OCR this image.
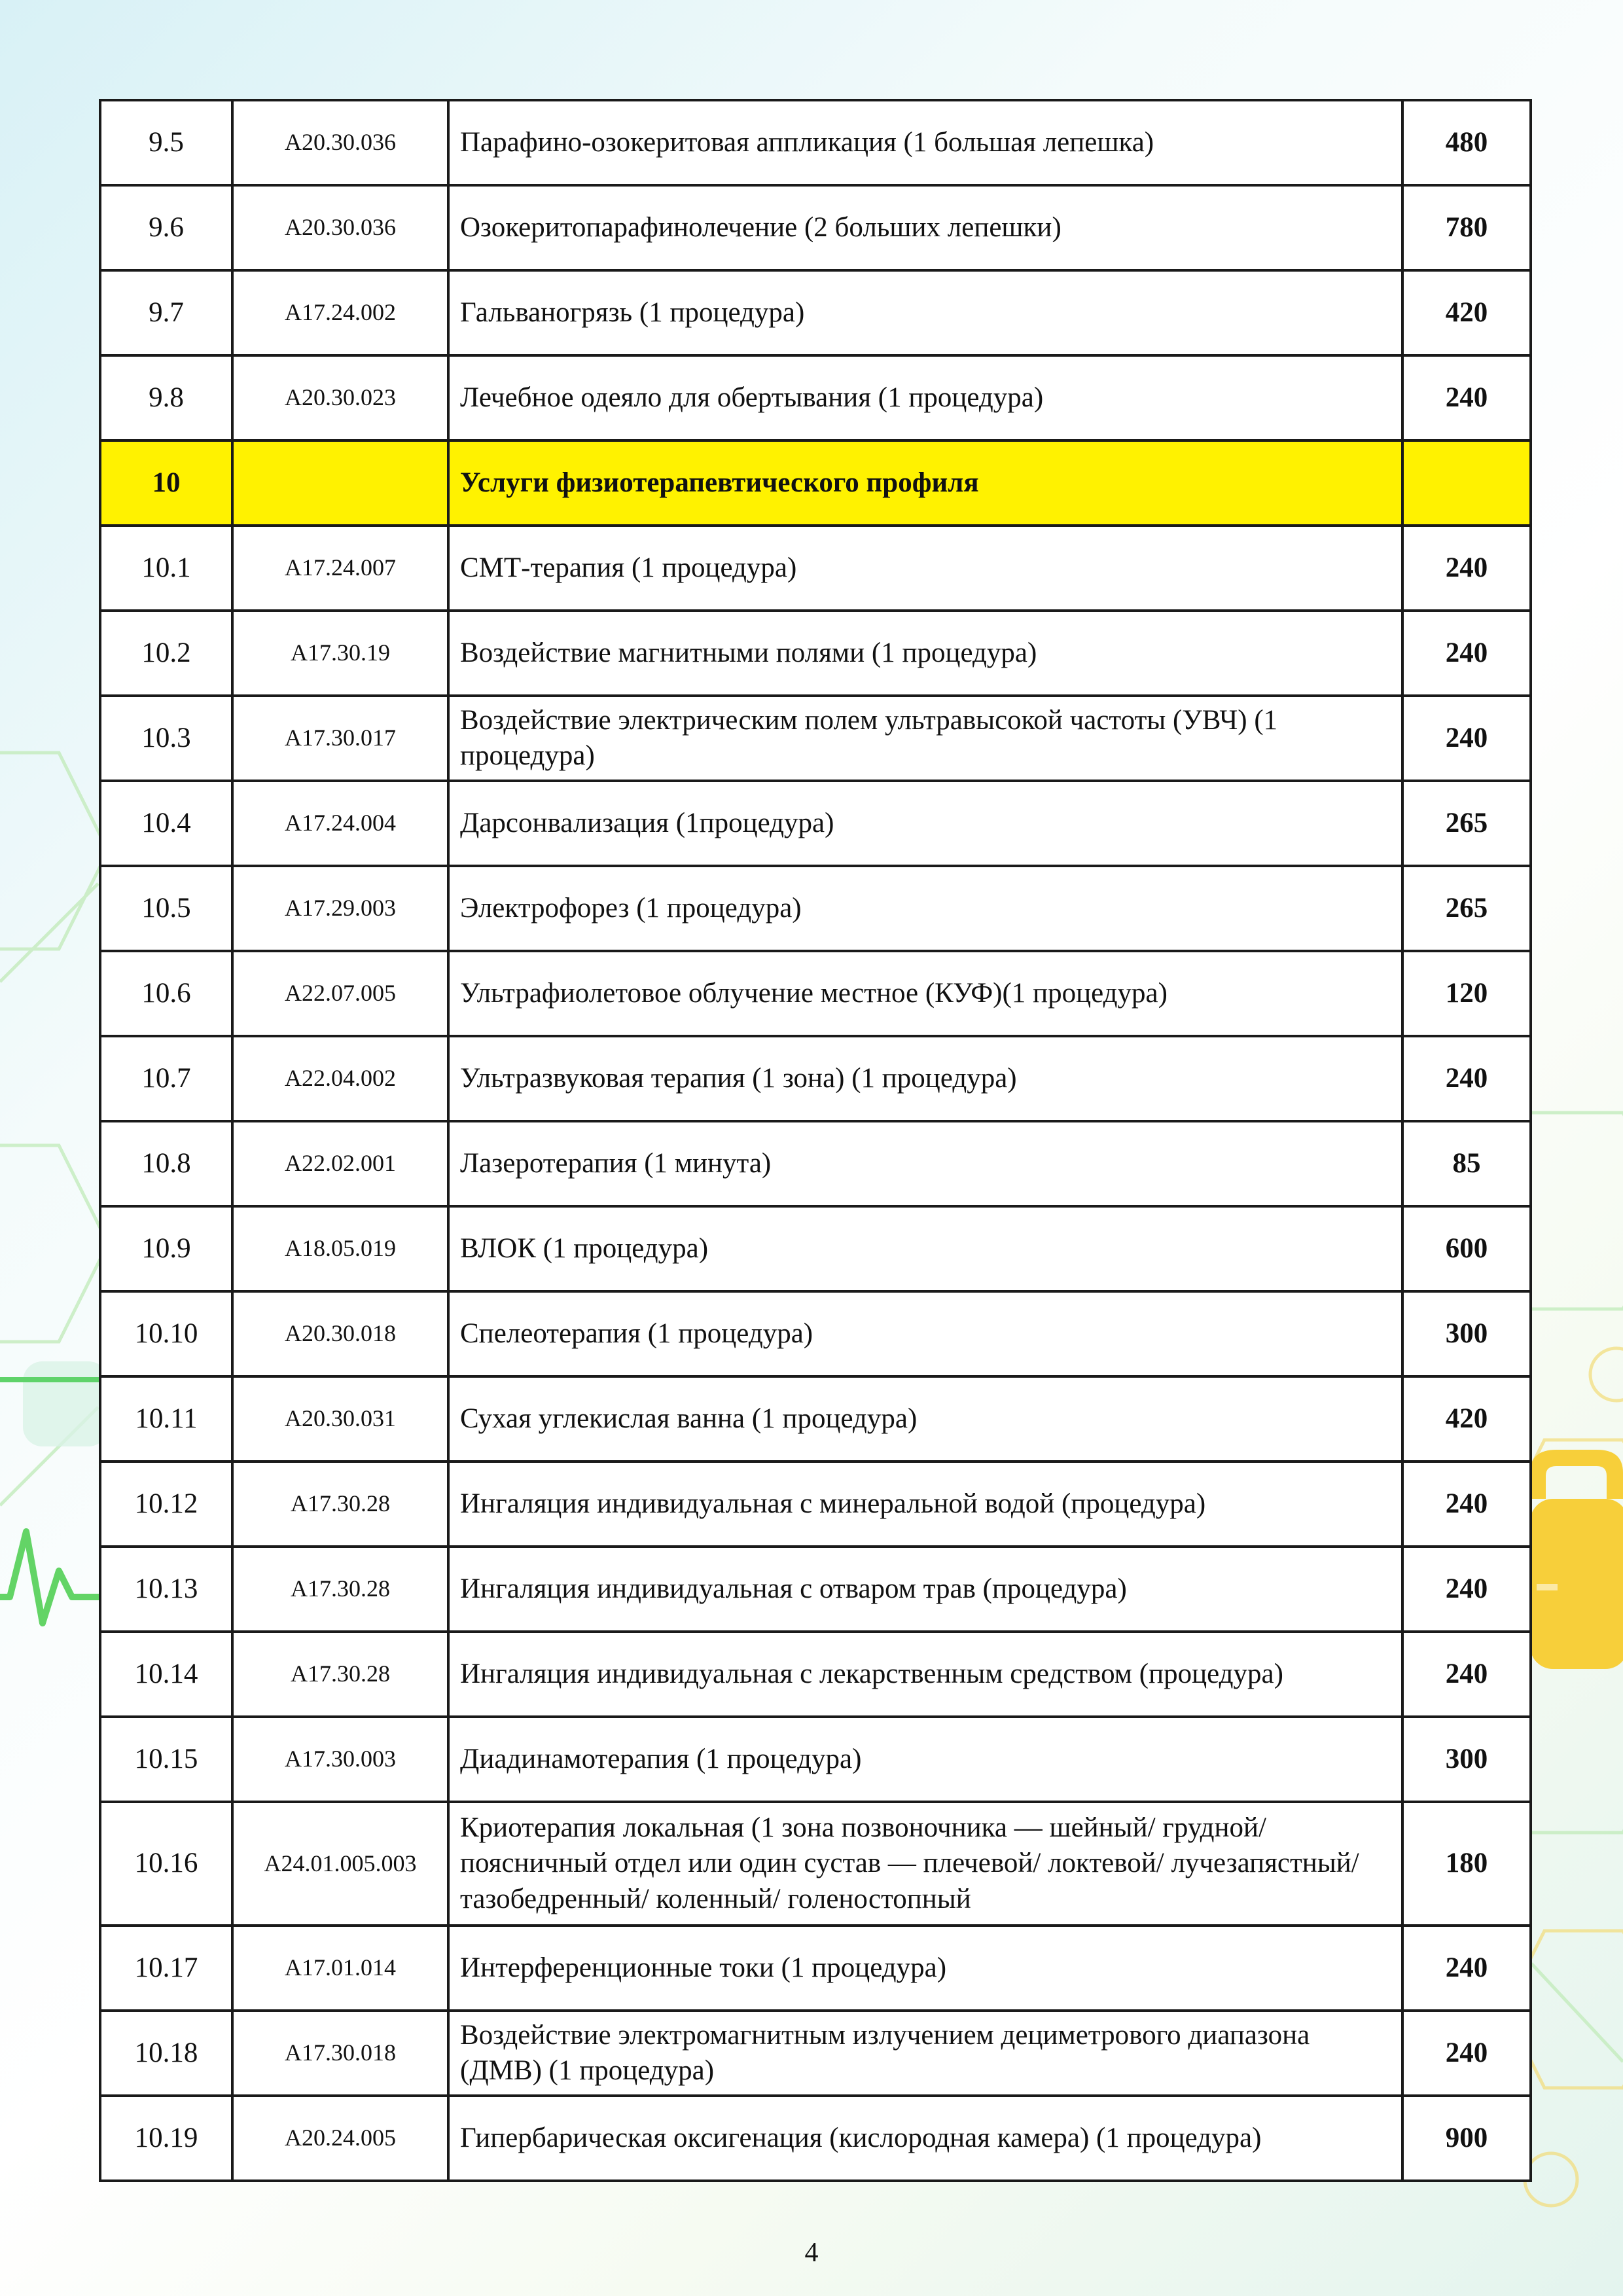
9.5	A20.30.036	Парафино-озокеритовая аппликация (1 большая лепешка)	480
9.6	A20.30.036	Озокеритопарафинолечение (2 больших лепешки)	780
9.7	A17.24.002	Гальваногрязь (1 процедура)	420
9.8	A20.30.023	Лечебное одеяло для обертывания (1 процедура)	240
10		Услуги физиотерапевтического профиля	
10.1	A17.24.007	СМТ-терапия (1 процедура)	240
10.2	A17.30.19	Воздействие магнитными полями (1 процедура)	240
10.3	A17.30.017	Воздействие электрическим полем ультравысокой частоты (УВЧ) (1 процедура)	240
10.4	A17.24.004	Дарсонвализация (1процедура)	265
10.5	A17.29.003	Электрофорез (1 процедура)	265
10.6	A22.07.005	Ультрафиолетовое облучение местное (КУФ)(1 процедура)	120
10.7	A22.04.002	Ультразвуковая терапия (1 зона) (1 процедура)	240
10.8	A22.02.001	Лазеротерапия (1 минута)	85
10.9	A18.05.019	ВЛОК (1 процедура)	600
10.10	A20.30.018	Спелеотерапия (1 процедура)	300
10.11	A20.30.031	Сухая углекислая ванна (1 процедура)	420
10.12	A17.30.28	Ингаляция индивидуальная с минеральной водой (процедура)	240
10.13	A17.30.28	Ингаляция индивидуальная с отваром трав (процедура)	240
10.14	A17.30.28	Ингаляция индивидуальная с лекарственным средством (процедура)	240
10.15	A17.30.003	Диадинамотерапия (1 процедура)	300
10.16	A24.01.005.003	Криотерапия локальная (1 зона позвоночника — шейный/ грудной/ поясничный отдел или один сустав — плечевой/ локтевой/ лучезапястный/ тазобедренный/ коленный/ голеностопный	180
10.17	A17.01.014	Интерференционные токи (1 процедура)	240
10.18	A17.30.018	Воздействие электромагнитным излучением дециметрового диапазона (ДМВ) (1 процедура)	240
10.19	A20.24.005	Гипербарическая оксигенация (кислородная камера) (1 процедура)	900
4
